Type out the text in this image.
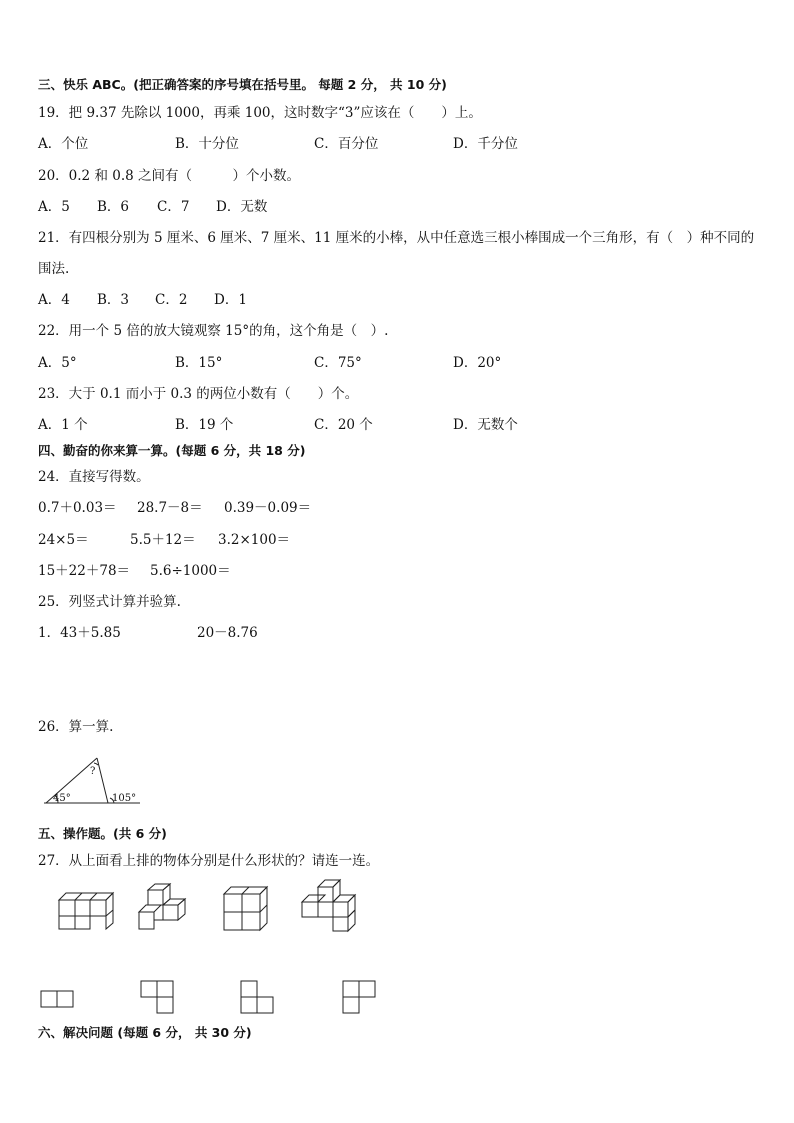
三、快乐 ABC。(把正确答案的序号填在括号里。 每题 2 分， 共 10 分)
19．把 9.37 先除以 1000，再乘 100，这时数字“3”应该在（　　）上。
A．个位	B．十分位	C．百分位	D．千分位
20．0.2 和 0.8 之间有（　　　）个小数。
A．5 B．6 C．7 D．无数
21．有四根分别为 5 厘米、6 厘米、7 厘米、11 厘米的小棒，从中任意选三根小棒围成一个三角形，有（　）种不同的
围法.
A．4 B．3 C．2 D．1
22．用一个 5 倍的放大镜观察 15°的角，这个角是（　）.
A．5°	B．15°	C．75°	D．20°
23．大于 0.1 而小于 0.3 的两位小数有（　　）个。
A．1 个	B．19 个	C．20 个	D．无数个
四、勤奋的你来算一算。(每题 6 分，共 18 分)
24．直接写得数。
0.7＋0.03＝ 28.7－8＝ 0.39－0.09＝
24×5＝	5.5＋12＝ 3.2×100＝
15＋22＋78＝ 5.6÷1000＝
25．列竖式计算并验算.
1．43＋5.85	20－8.76
26．算一算.
?
45°	105°
五、操作题。(共 6 分)
27．从上面看上排的物体分别是什么形状的？请连一连。
六、解决问题 (每题 6 分， 共 30 分)
